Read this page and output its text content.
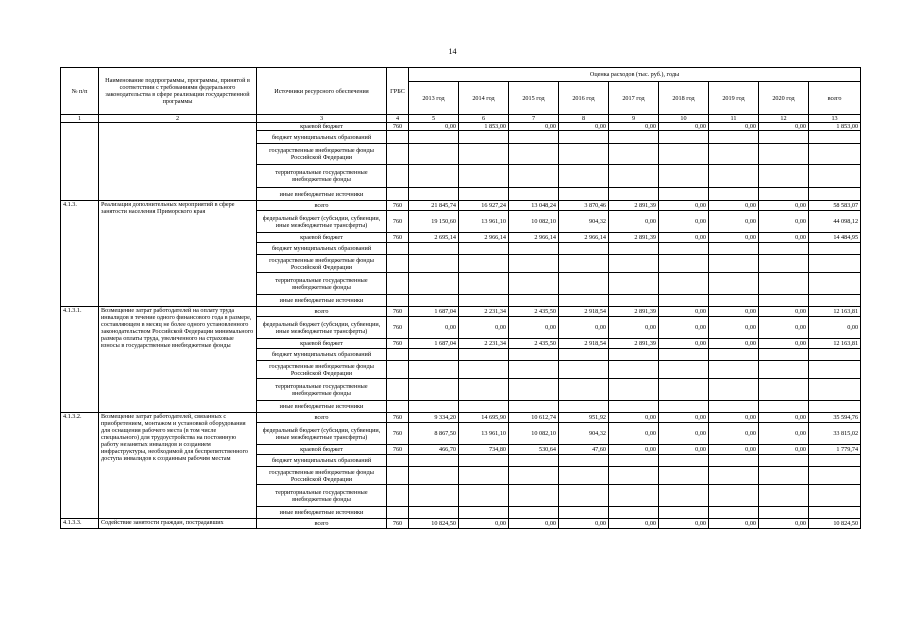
14
№ п/п	Наименование подпрограммы, программы, принятой в соответствии с требованиями федерального законодательства в сфере реализации государственной программы	Источники ресурсного обеспечения	ГРБС	Оценка расходов (тыс. руб.), годы								
				2013 год	2014 год	2015 год	2016 год	2017 год	2018 год	2019 год	2020 год	всего
1	2	3	4	5	6	7	8	9	10	11	12	13
		краевой бюджет	760	0,00	1 853,00	0,00	0,00	0,00	0,00	0,00	0,00	1 853,00
		бюджет муниципальных образований										
		государственные внебюджетные фонды Российской Федерации										
		территориальные государственные внебюджетные фонды										
		иные внебюджетные источники										
4.1.3.	Реализация дополнительных мероприятий в сфере занятости населения Приморского края	всего	760	21 845,74	16 927,24	13 048,24	3 870,46	2 891,39	0,00	0,00	0,00	58 583,07
		федеральный бюджет (субсидии, субвенции, иные межбюджетные трансферты)	760	19 150,60	13 961,10	10 082,10	904,32	0,00	0,00	0,00	0,00	44 098,12
		краевой бюджет	760	2 695,14	2 966,14	2 966,14	2 966,14	2 891,39	0,00	0,00	0,00	14 484,95
		бюджет муниципальных образований										
		государственные внебюджетные фонды Российской Федерации										
		территориальные государственные внебюджетные фонды										
		иные внебюджетные источники										
4.1.3.1.	Возмещение затрат работодателей на оплату труда инвалидов в течение одного финансового года в размере, составляющем в месяц не более одного установленного законодательством Российской Федерации минимального размера оплаты труда, увеличенного на страховые взносы в государственные внебюджетные фонды	всего	760	1 687,04	2 231,34	2 435,50	2 918,54	2 891,39	0,00	0,00	0,00	12 163,81
		федеральный бюджет (субсидии, субвенции, иные межбюджетные трансферты)	760	0,00	0,00	0,00	0,00	0,00	0,00	0,00	0,00	0,00
		краевой бюджет	760	1 687,04	2 231,34	2 435,50	2 918,54	2 891,39	0,00	0,00	0,00	12 163,81
		бюджет муниципальных образований										
		государственные внебюджетные фонды Российской Федерации										
		территориальные государственные внебюджетные фонды										
		иные внебюджетные источники										
4.1.3.2.	Возмещение затрат работодателей, связанных с приобретением, монтажом и установкой оборудования для оснащения рабочего места (в том числе специального) для трудоустройства на постоянную работу незанятых инвалидов и созданием инфраструктуры, необходимой для беспрепятственного доступа инвалидов к созданным рабочим местам	всего	760	9 334,20	14 695,90	10 612,74	951,92	0,00	0,00	0,00	0,00	35 594,76
		федеральный бюджет (субсидии, субвенции, иные межбюджетные трансферты)	760	8 867,50	13 961,10	10 082,10	904,32	0,00	0,00	0,00	0,00	33 815,02
		краевой бюджет	760	466,70	734,80	530,64	47,60	0,00	0,00	0,00	0,00	1 779,74
		бюджет муниципальных образований										
		государственные внебюджетные фонды Российской Федерации										
		территориальные государственные внебюджетные фонды										
		иные внебюджетные источники										
4.1.3.3.	Содействие занятости граждан, пострадавших	всего	760	10 824,50	0,00	0,00	0,00	0,00	0,00	0,00	0,00	10 824,50
